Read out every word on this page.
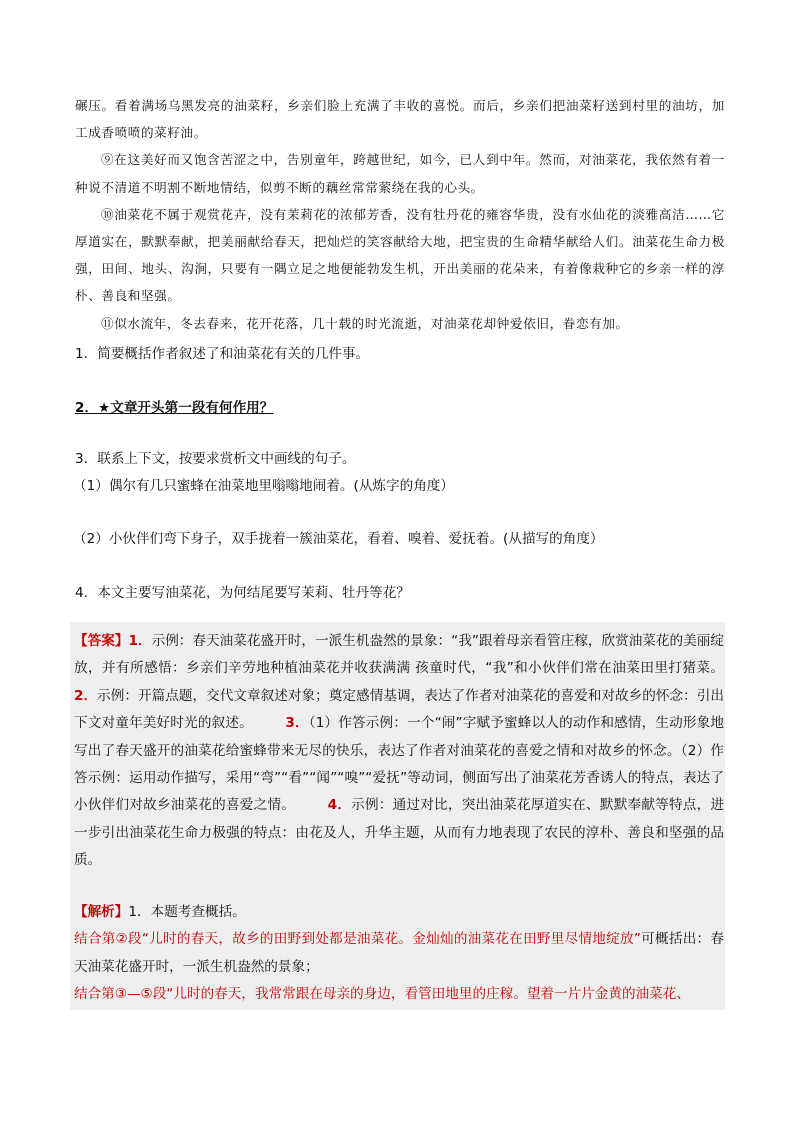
碾压。看着满场乌黑发亮的油菜籽，乡亲们脸上充满了丰收的喜悦。而后，乡亲们把油菜籽送到村里的油坊，加工成香喷喷的菜籽油。

⑨在这美好而又饱含苦涩之中，告别童年，跨越世纪，如今，已人到中年。然而，对油菜花，我依然有着一种说不清道不明割不断地情结，似剪不断的藕丝常常萦绕在我的心头。

⑩油菜花不属于观赏花卉，没有茉莉花的浓郁芳香，没有牡丹花的雍容华贵，没有水仙花的淡雅高洁……它厚道实在，默默奉献，把美丽献给春天，把灿烂的笑容献给大地，把宝贵的生命精华献给人们。油菜花生命力极强，田间、地头、沟涧，只要有一隅立足之地便能勃发生机，开出美丽的花朵来，有着像栽种它的乡亲一样的淳朴、善良和坚强。

⑪似水流年，冬去春来，花开花落，几十载的时光流逝，对油菜花却钟爱依旧，眷恋有加。

1．简要概括作者叙述了和油菜花有关的几件事。
2．★文章开头第一段有何作用？
3．联系上下文，按要求赏析文中画线的句子。
（1）偶尔有几只蜜蜂在油菜地里嗡嗡地闹着。(从炼字的角度）
（2）小伙伴们弯下身子，双手拢着一簇油菜花，看着、嗅着、爱抚着。(从描写的角度）
4．本文主要写油菜花，为何结尾要写茉莉、牡丹等花？

【答案】1．示例：春天油菜花盛开时，一派生机盎然的景象：“我”跟着母亲看管庄稼，欣赏油菜花的美丽绽放，并有所感悟：乡亲们辛劳地种植油菜花并收获满满 孩童时代，“我”和小伙伴们常在油菜田里打猪菜。 2．示例：开篇点题，交代文章叙述对象；奠定感情基调，表达了作者对油菜花的喜爱和对故乡的怀念：引出下文对童年美好时光的叙述。 3．（1）作答示例：一个“闹”字赋予蜜蜂以人的动作和感情，生动形象地写出了春天盛开的油菜花给蜜蜂带来无尽的快乐，表达了作者对油菜花的喜爱之情和对故乡的怀念。（2）作答示例：运用动作描写，采用“弯”“看”“闻”“嗅”“爱抚”等动词，侧面写出了油菜花芳香诱人的特点，表达了小伙伴们对故乡油菜花的喜爱之情。 4．示例：通过对比，突出油菜花厚道实在、默默奉献等特点，进一步引出油菜花生命力极强的特点：由花及人，升华主题，从而有力地表现了农民的淳朴、善良和坚强的品质。

【解析】1．本题考查概括。

结合第②段“儿时的春天，故乡的田野到处都是油菜花。金灿灿的油菜花在田野里尽情地绽放”可概括出：春天油菜花盛开时，一派生机盎然的景象；

结合第③—⑤段“儿时的春天，我常常跟在母亲的身边，看管田地里的庄稼。望着一片片金黄的油菜花、
